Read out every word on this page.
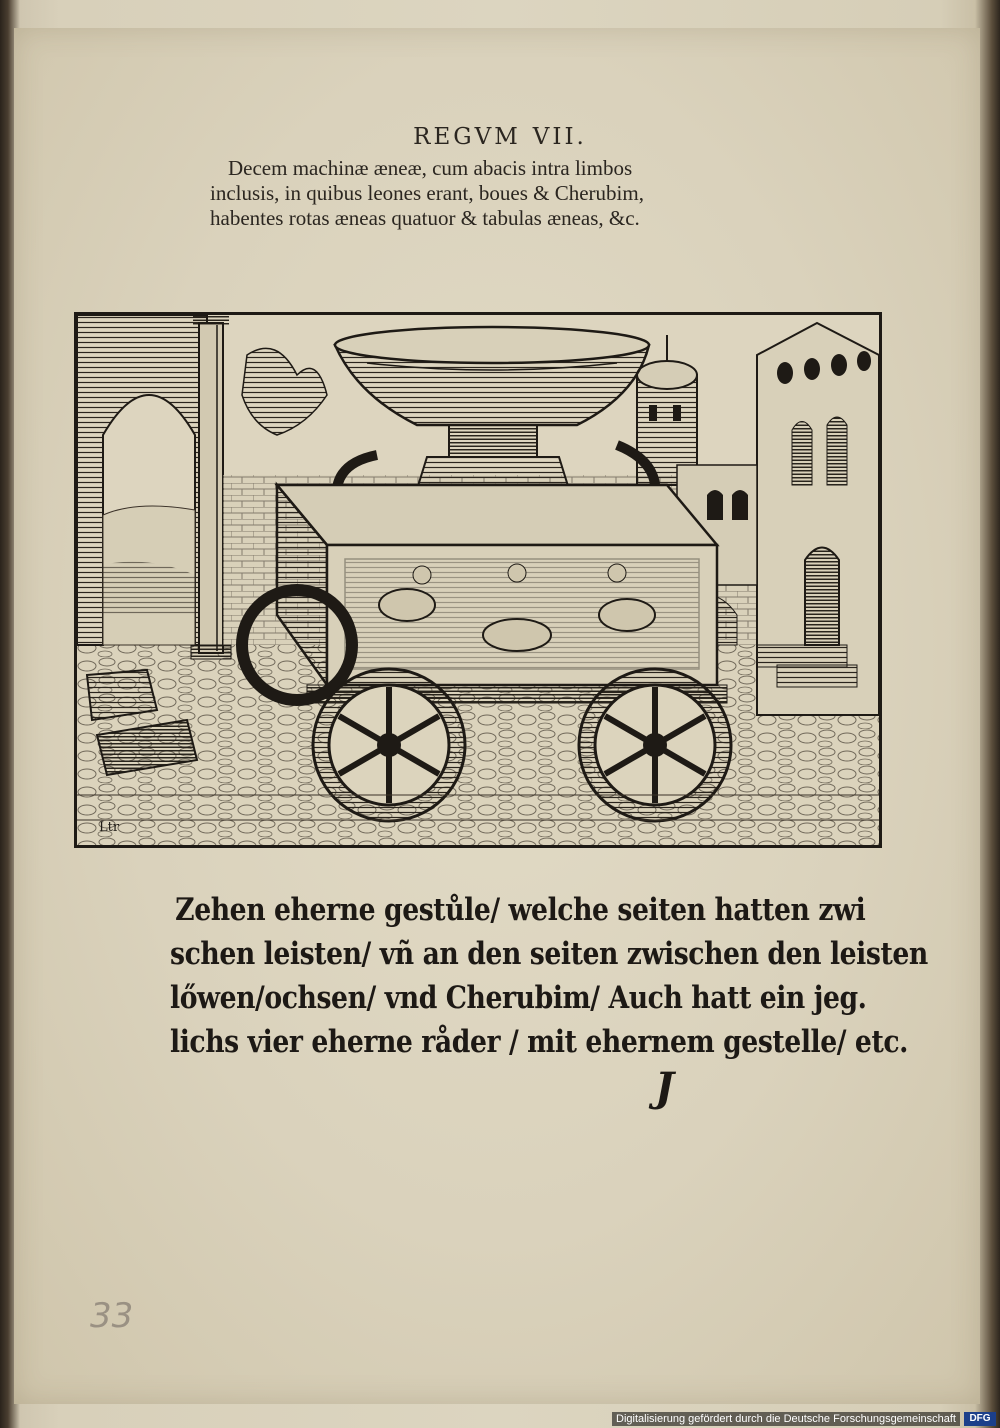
REGVM VII.
Decem machinæ æneæ, cum abacis intra limbos
inclusis, in quibus leones erant, boues & Cherubim,
habentes rotas æneas quatuor & tabulas æneas, &c.
Ltr
Zehen eherne gestůle/ welche seiten hatten zwi
schen leisten/ vñ an den seiten zwischen den leisten
lőwen/ochsen/ vnd Cherubim/ Auch hatt ein jeg.
lichs vier eherne råder / mit ehernem gestelle/ etc.
J
33
Digitalisierung gefördert durch die Deutsche Forschungsgemeinschaft	DFG
